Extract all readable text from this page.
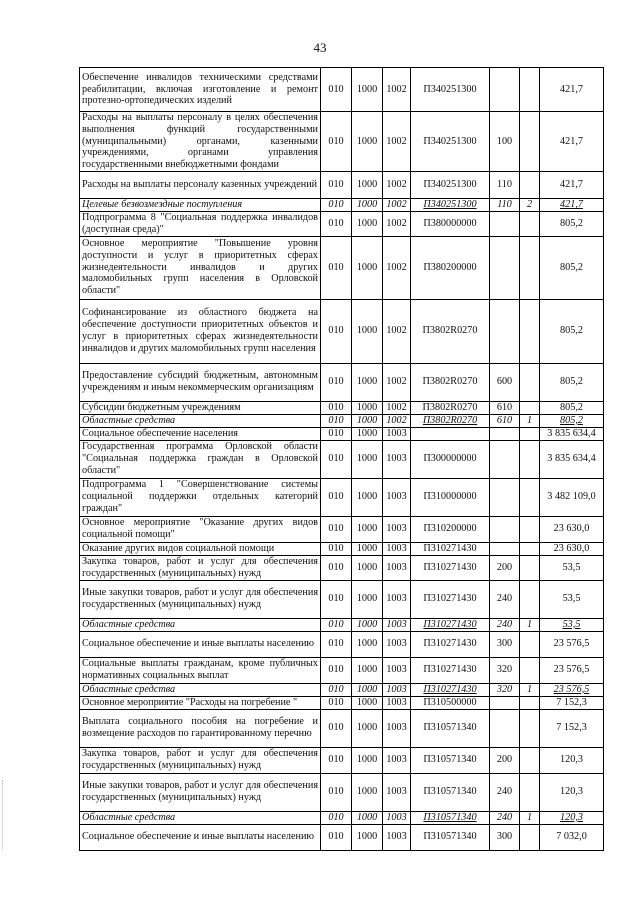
43
Обеспечение инвалидов техническими средствами реабилитации, включая изготовление и ремонт протезно-ортопедических изделий	010	1000	1002	П340251300			421,7
Расходы на выплаты персоналу в целях обеспечения выполнения функций государственными (муниципальными) органами, казенными учреждениями, органами управления государственными внебюджетными фондами	010	1000	1002	П340251300	100		421,7
Расходы на выплаты персоналу казенных учреждений	010	1000	1002	П340251300	110		421,7
Целевые безвозмездные поступления	010	1000	1002	П340251300	110	2	421,7
Подпрограмма 8 "Социальная поддержка инвалидов (доступная среда)"	010	1000	1002	П380000000			805,2
Основное мероприятие "Повышение уровня доступности и услуг в приоритетных сферах жизнедеятельности инвалидов и других маломобильных групп населения в Орловской области"	010	1000	1002	П380200000			805,2
Софинансирование из областного бюджета на обеспечение доступности приоритетных объектов и услуг в приоритетных сферах жизнедеятельности инвалидов и других маломобильных групп населения	010	1000	1002	П3802R0270			805,2
Предоставление субсидий бюджетным, автономным учреждениям и иным некоммерческим организациям	010	1000	1002	П3802R0270	600		805,2
Субсидии бюджетным учреждениям	010	1000	1002	П3802R0270	610		805,2
Областные средства	010	1000	1002	П3802R0270	610	1	805,2
Социальное обеспечение населения	010	1000	1003				3 835 634,4
Государственная программа Орловской области "Социальная поддержка граждан в Орловской области"	010	1000	1003	П300000000			3 835 634,4
Подпрограмма 1 "Совершенствование системы социальной поддержки отдельных категорий граждан"	010	1000	1003	П310000000			3 482 109,0
Основное мероприятие "Оказание других видов социальной помощи"	010	1000	1003	П310200000			23 630,0
Оказание других видов социальной помощи	010	1000	1003	П310271430			23 630,0
Закупка товаров, работ и услуг для обеспечения государственных (муниципальных) нужд	010	1000	1003	П310271430	200		53,5
Иные закупки товаров, работ и услуг для обеспечения государственных (муниципальных) нужд	010	1000	1003	П310271430	240		53,5
Областные средства	010	1000	1003	П310271430	240	1	53,5
Социальное обеспечение и иные выплаты населению	010	1000	1003	П310271430	300		23 576,5
Социальные выплаты гражданам, кроме публичных нормативных социальных выплат	010	1000	1003	П310271430	320		23 576,5
Областные средства	010	1000	1003	П310271430	320	1	23 576,5
Основное мероприятие "Расходы на погребение "	010	1000	1003	П310500000			7 152,3
Выплата социального пособия на погребение и возмещение расходов по гарантированному перечню	010	1000	1003	П310571340			7 152,3
Закупка товаров, работ и услуг для обеспечения государственных (муниципальных) нужд	010	1000	1003	П310571340	200		120,3
Иные закупки товаров, работ и услуг для обеспечения государственных (муниципальных) нужд	010	1000	1003	П310571340	240		120,3
Областные средства	010	1000	1003	П310571340	240	1	120,3
Социальное обеспечение и иные выплаты населению	010	1000	1003	П310571340	300		7 032,0
